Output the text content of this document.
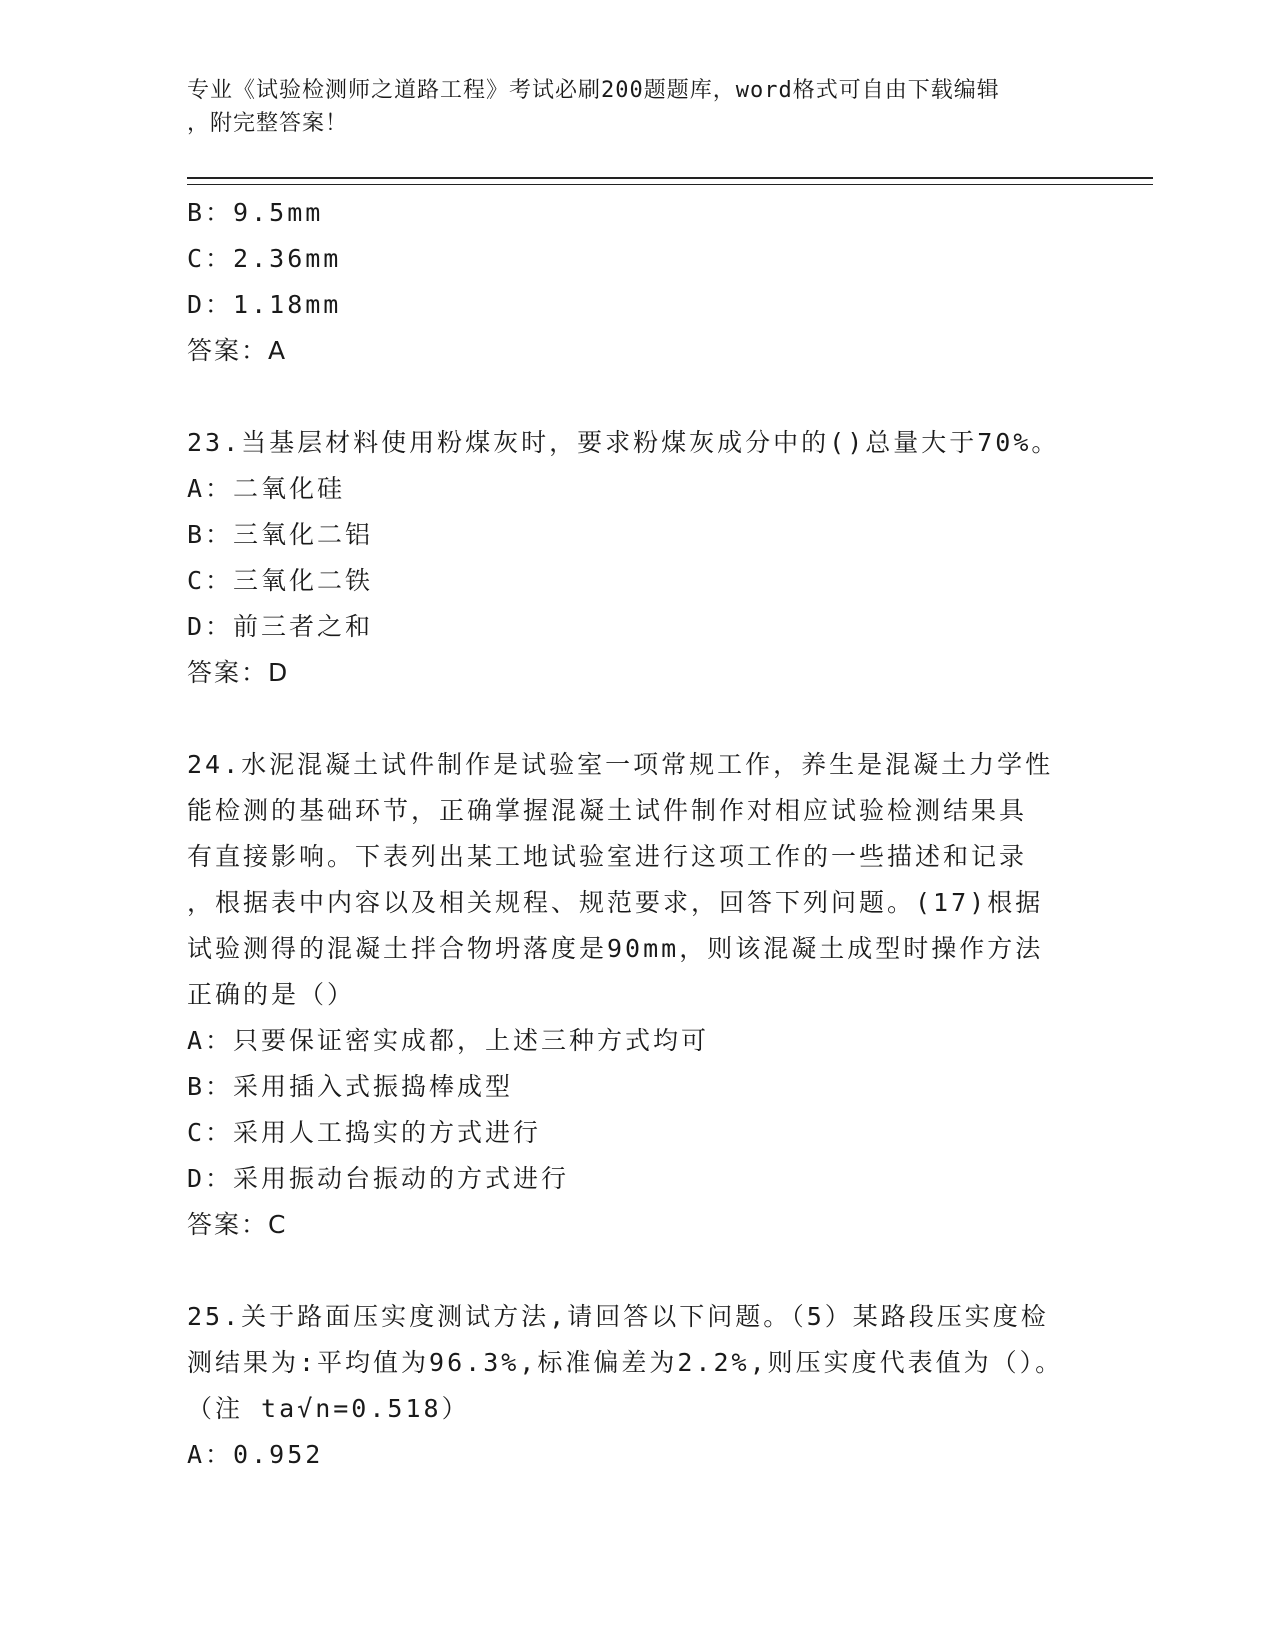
专业《试验检测师之道路工程》考试必刷200题题库，word格式可自由下载编辑
，附完整答案！
B：9.5mm
C：2.36mm
D：1.18mm
答案：A
23.当基层材料使用粉煤灰时，要求粉煤灰成分中的()总量大于70%。
A：二氧化硅
B：三氧化二铝
C：三氧化二铁
D：前三者之和
答案：D
24.水泥混凝土试件制作是试验室一项常规工作，养生是混凝土力学性
能检测的基础环节，正确掌握混凝土试件制作对相应试验检测结果具
有直接影响。下表列出某工地试验室进行这项工作的一些描述和记录
，根据表中内容以及相关规程、规范要求，回答下列问题。(17)根据
试验测得的混凝土拌合物坍落度是90mm，则该混凝土成型时操作方法
正确的是（）
A：只要保证密实成都，上述三种方式均可
B：采用插入式振捣棒成型
C：采用人工捣实的方式进行
D：采用振动台振动的方式进行
答案：C
25.关于路面压实度测试方法,请回答以下问题。（5）某路段压实度检
测结果为:平均值为96.3%,标准偏差为2.2%,则压实度代表值为（）。
（注 ta√n=0.518）
A：0.952
